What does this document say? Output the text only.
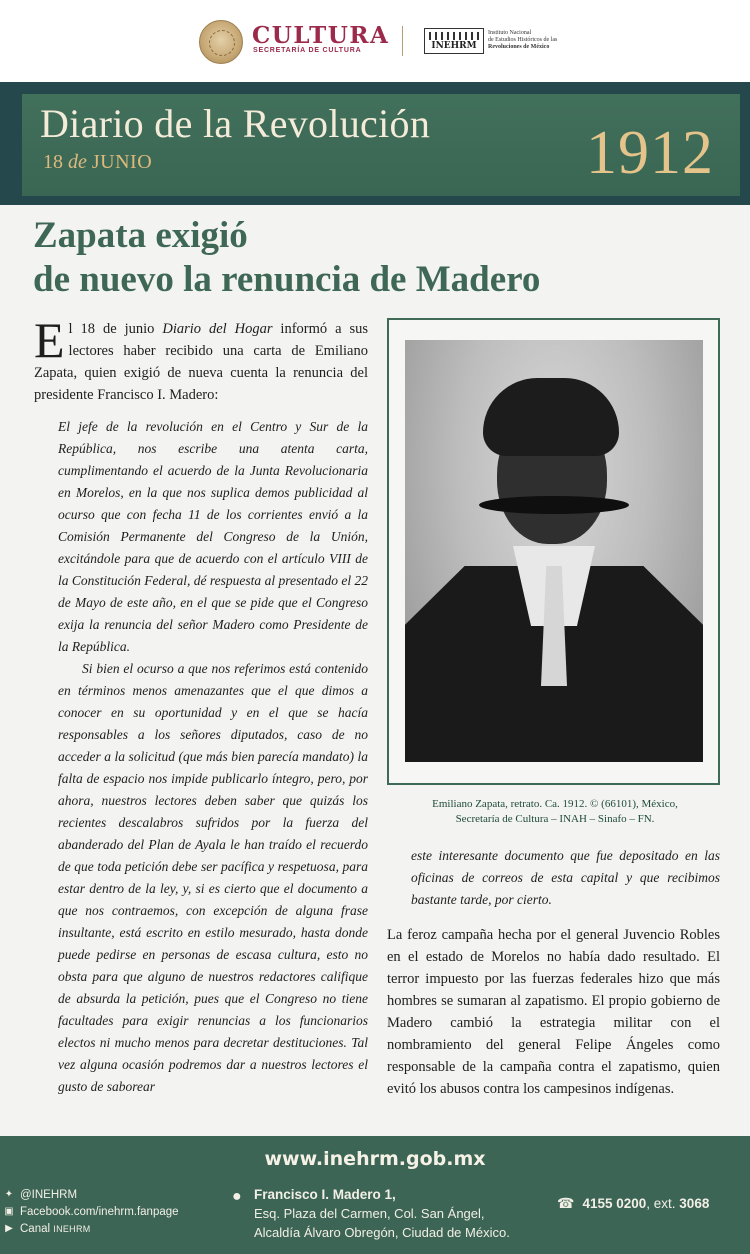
CULTURA
SECRETARÍA DE CULTURA	INEHRM
Instituto Nacional
de Estudios Históricos de las
Revoluciones de México
Diario de la Revolución
18 de JUNIO	1912
Zapata exigió
de nuevo la renuncia de Madero

El 18 de junio Diario del Hogar informó a sus lectores haber recibido una carta de Emiliano Zapata, quien exigió de nueva cuenta la renuncia del presidente Francisco I. Madero:

El jefe de la revolución en el Centro y Sur de la República, nos escribe una atenta carta, cumplimentando el acuerdo de la Junta Revolucionaria en Morelos, en la que nos suplica demos publicidad al ocurso que con fecha 11 de los corrientes envió a la Comisión Permanente del Congreso de la Unión, excitándole para que de acuerdo con el artículo VIII de la Constitución Federal, dé respuesta al presentado el 22 de Mayo de este año, en el que se pide que el Congreso exija la renuncia del señor Madero como Presidente de la República.

Si bien el ocurso a que nos referimos está contenido en términos menos amenazantes que el que dimos a conocer en su oportunidad y en el que se hacía responsables a los señores diputados, caso de no acceder a la solicitud (que más bien parecía mandato) la falta de espacio nos impide publicarlo íntegro, pero, por ahora, nuestros lectores deben saber que quizás los recientes descalabros sufridos por la fuerza del abanderado del Plan de Ayala le han traído el recuerdo de que toda petición debe ser pacífica y respetuosa, para estar dentro de la ley, y, si es cierto que el documento a que nos contraemos, con excepción de alguna frase insultante, está escrito en estilo mesurado, hasta donde puede pedirse en personas de escasa cultura, esto no obsta para que alguno de nuestros redactores califique de absurda la petición, pues que el Congreso no tiene facultades para exigir renuncias a los funcionarios electos ni mucho menos para decretar destituciones. Tal vez alguna ocasión podremos dar a nuestros lectores el gusto de saborear

Emiliano Zapata, retrato. Ca. 1912. © (66101), México,
Secretaría de Cultura – INAH – Sinafo – FN.

este interesante documento que fue depositado en las oficinas de correos de esta capital y que recibimos bastante tarde, por cierto.

La feroz campaña hecha por el general Juvencio Robles en el estado de Morelos no había dado resultado. El terror impuesto por las fuerzas federales hizo que más hombres se sumaran al zapatismo. El propio gobierno de Madero cambió la estrategia militar con el nombramiento del general Felipe Ángeles como responsable de la campaña contra el zapatismo, quien evitó los abusos contra los campesinos indígenas.

www.inehrm.gob.mx
✦ @INEHRM
▣ Facebook.com/inehrm.fanpage
▶ Canal
INEHRM
● Francisco I. Madero 1,
Esq. Plaza del Carmen, Col. San Ángel,
Alcaldía Álvaro Obregón, Ciudad de México.
☎ 4155 0200, ext. 3068
